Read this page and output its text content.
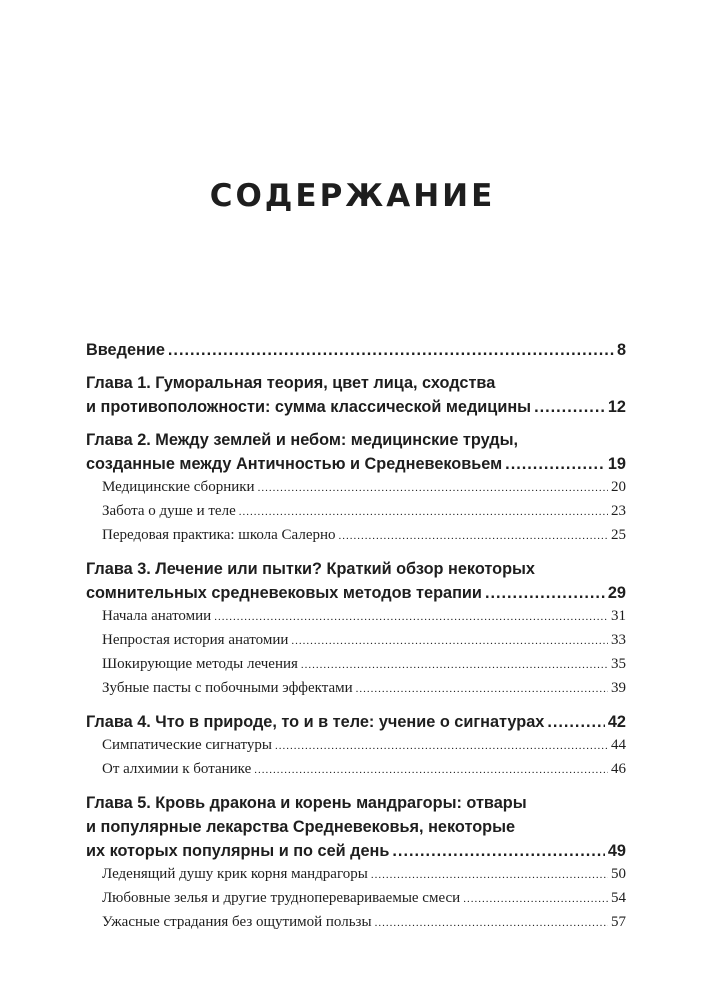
СОДЕРЖАНИЕ
Введение .....	8
Глава 1. Гуморальная теория, цвет лица, сходства
и противоположности: сумма классической медицины .....	12
Глава 2. Между землей и небом: медицинские труды,
созданные между Античностью и Средневековьем .....	19
Медицинские сборники .....	20
Забота о душе и теле .....	23
Передовая практика: школа Салерно .....	25
Глава 3. Лечение или пытки? Краткий обзор некоторых
сомнительных средневековых методов терапии .....	29
Начала анатомии .....	31
Непростая история анатомии .....	33
Шокирующие методы лечения .....	35
Зубные пасты с побочными эффектами .....	39
Глава 4. Что в природе, то и в теле: учение о сигнатурах .....	42
Симпатические сигнатуры .....	44
От алхимии к ботанике .....	46
Глава 5. Кровь дракона и корень мандрагоры: отвары
и популярные лекарства Средневековья, некоторые
их которых популярны и по сей день .....	49
Леденящий душу крик корня мандрагоры .....	50
Любовные зелья и другие трудноперевариваемые смеси .....	54
Ужасные страдания без ощутимой пользы .....	57
